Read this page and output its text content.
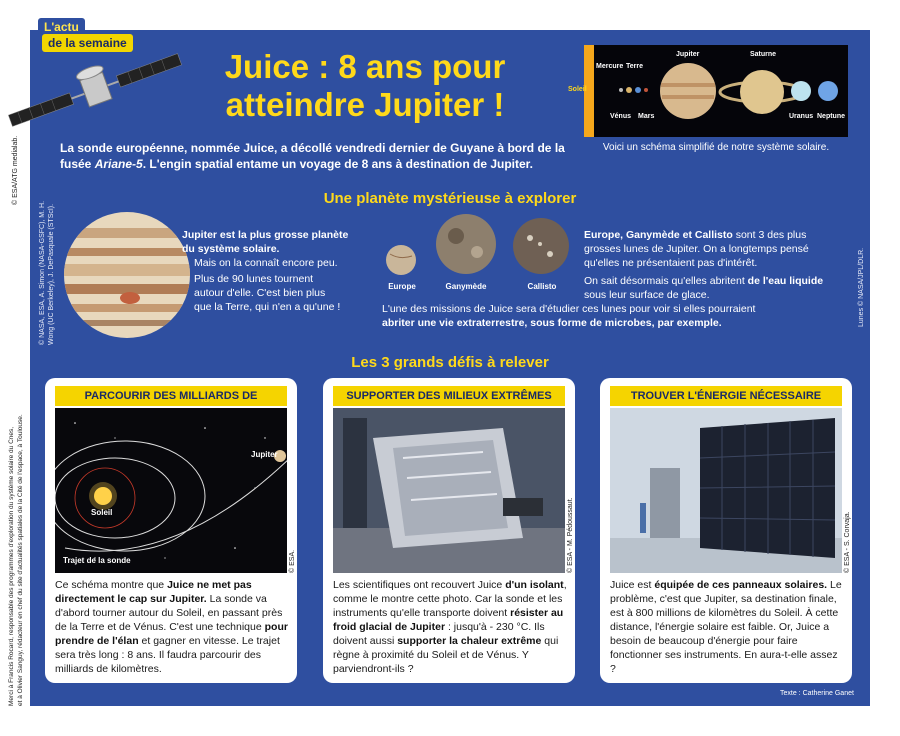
© ESA/ATG medialab.
Merci à Francis Rocard, responsable des programmes d'exploration du système solaire du Cnes, et à Olivier Sanguy, rédacteur en chef du site d'actualités spatiales de la Cité de l'espace, à Toulouse.
L'actu
de la semaine
Juice : 8 ans pour
atteindre Jupiter !
La sonde européenne, nommée Juice, a décollé vendredi dernier de Guyane à bord de la fusée Ariane-5. L'engin spatial entame un voyage de 8 ans à destination de Jupiter.
Mercure Terre
Vénus Mars
Jupiter	Saturne
Uranus Neptune
Soleil
Voici un schéma simplifié de notre système solaire.
© NASA, ESA, A. Simon (NASA-GSFC), M. H. Wong (UC Berkeley), J. DePasquale (STScI).	Lunes © NASA/JPL/DLR.
Une planète mystérieuse à explorer
Jupiter est la plus grosse planète du système solaire.
Mais on la connaît encore peu.
Plus de 90 lunes tournent autour d'elle. C'est bien plus que la Terre, qui n'en a qu'une !
Europe	Ganymède	Callisto
Europe, Ganymède et Callisto sont 3 des plus grosses lunes de Jupiter. On a longtemps pensé qu'elles ne présentaient pas d'intérêt.
On sait désormais qu'elles abritent de l'eau liquide sous leur surface de glace.
L'une des missions de Juice sera d'étudier ces lunes pour voir si elles pourraient abriter une vie extraterrestre, sous forme de microbes, par exemple.
Les 3 grands défis à relever
PARCOURIR DES MILLIARDS DE
Jupiter
Soleil
Trajet de la sonde	© ESA.
Ce schéma montre que Juice ne met pas directement le cap sur Jupiter. La sonde va d'abord tourner autour du Soleil, en passant près de la Terre et de Vénus. C'est une technique pour prendre de l'élan et gagner en vitesse. Le trajet sera très long : 8 ans. Il faudra parcourir des milliards de kilomètres.
SUPPORTER DES MILIEUX EXTRÊMES
© ESA - M. Pédoussaut.
Les scientifiques ont recouvert Juice d'un isolant, comme le montre cette photo. Car la sonde et les instruments qu'elle transporte doivent résister au froid glacial de Jupiter : jusqu'à - 230 °C. Ils doivent aussi supporter la chaleur extrême qui règne à proximité du Soleil et de Vénus. Y parviendront-ils ?
TROUVER L'ÉNERGIE NÉCESSAIRE
© ESA - S. Corvaja.
Juice est équipée de ces panneaux solaires. Le problème, c'est que Jupiter, sa destination finale, est à 800 millions de kilomètres du Soleil. À cette distance, l'énergie solaire est faible. Or, Juice a besoin de beaucoup d'énergie pour faire fonctionner ses instruments. En aura-t-elle assez ?
Texte : Catherine Ganet
